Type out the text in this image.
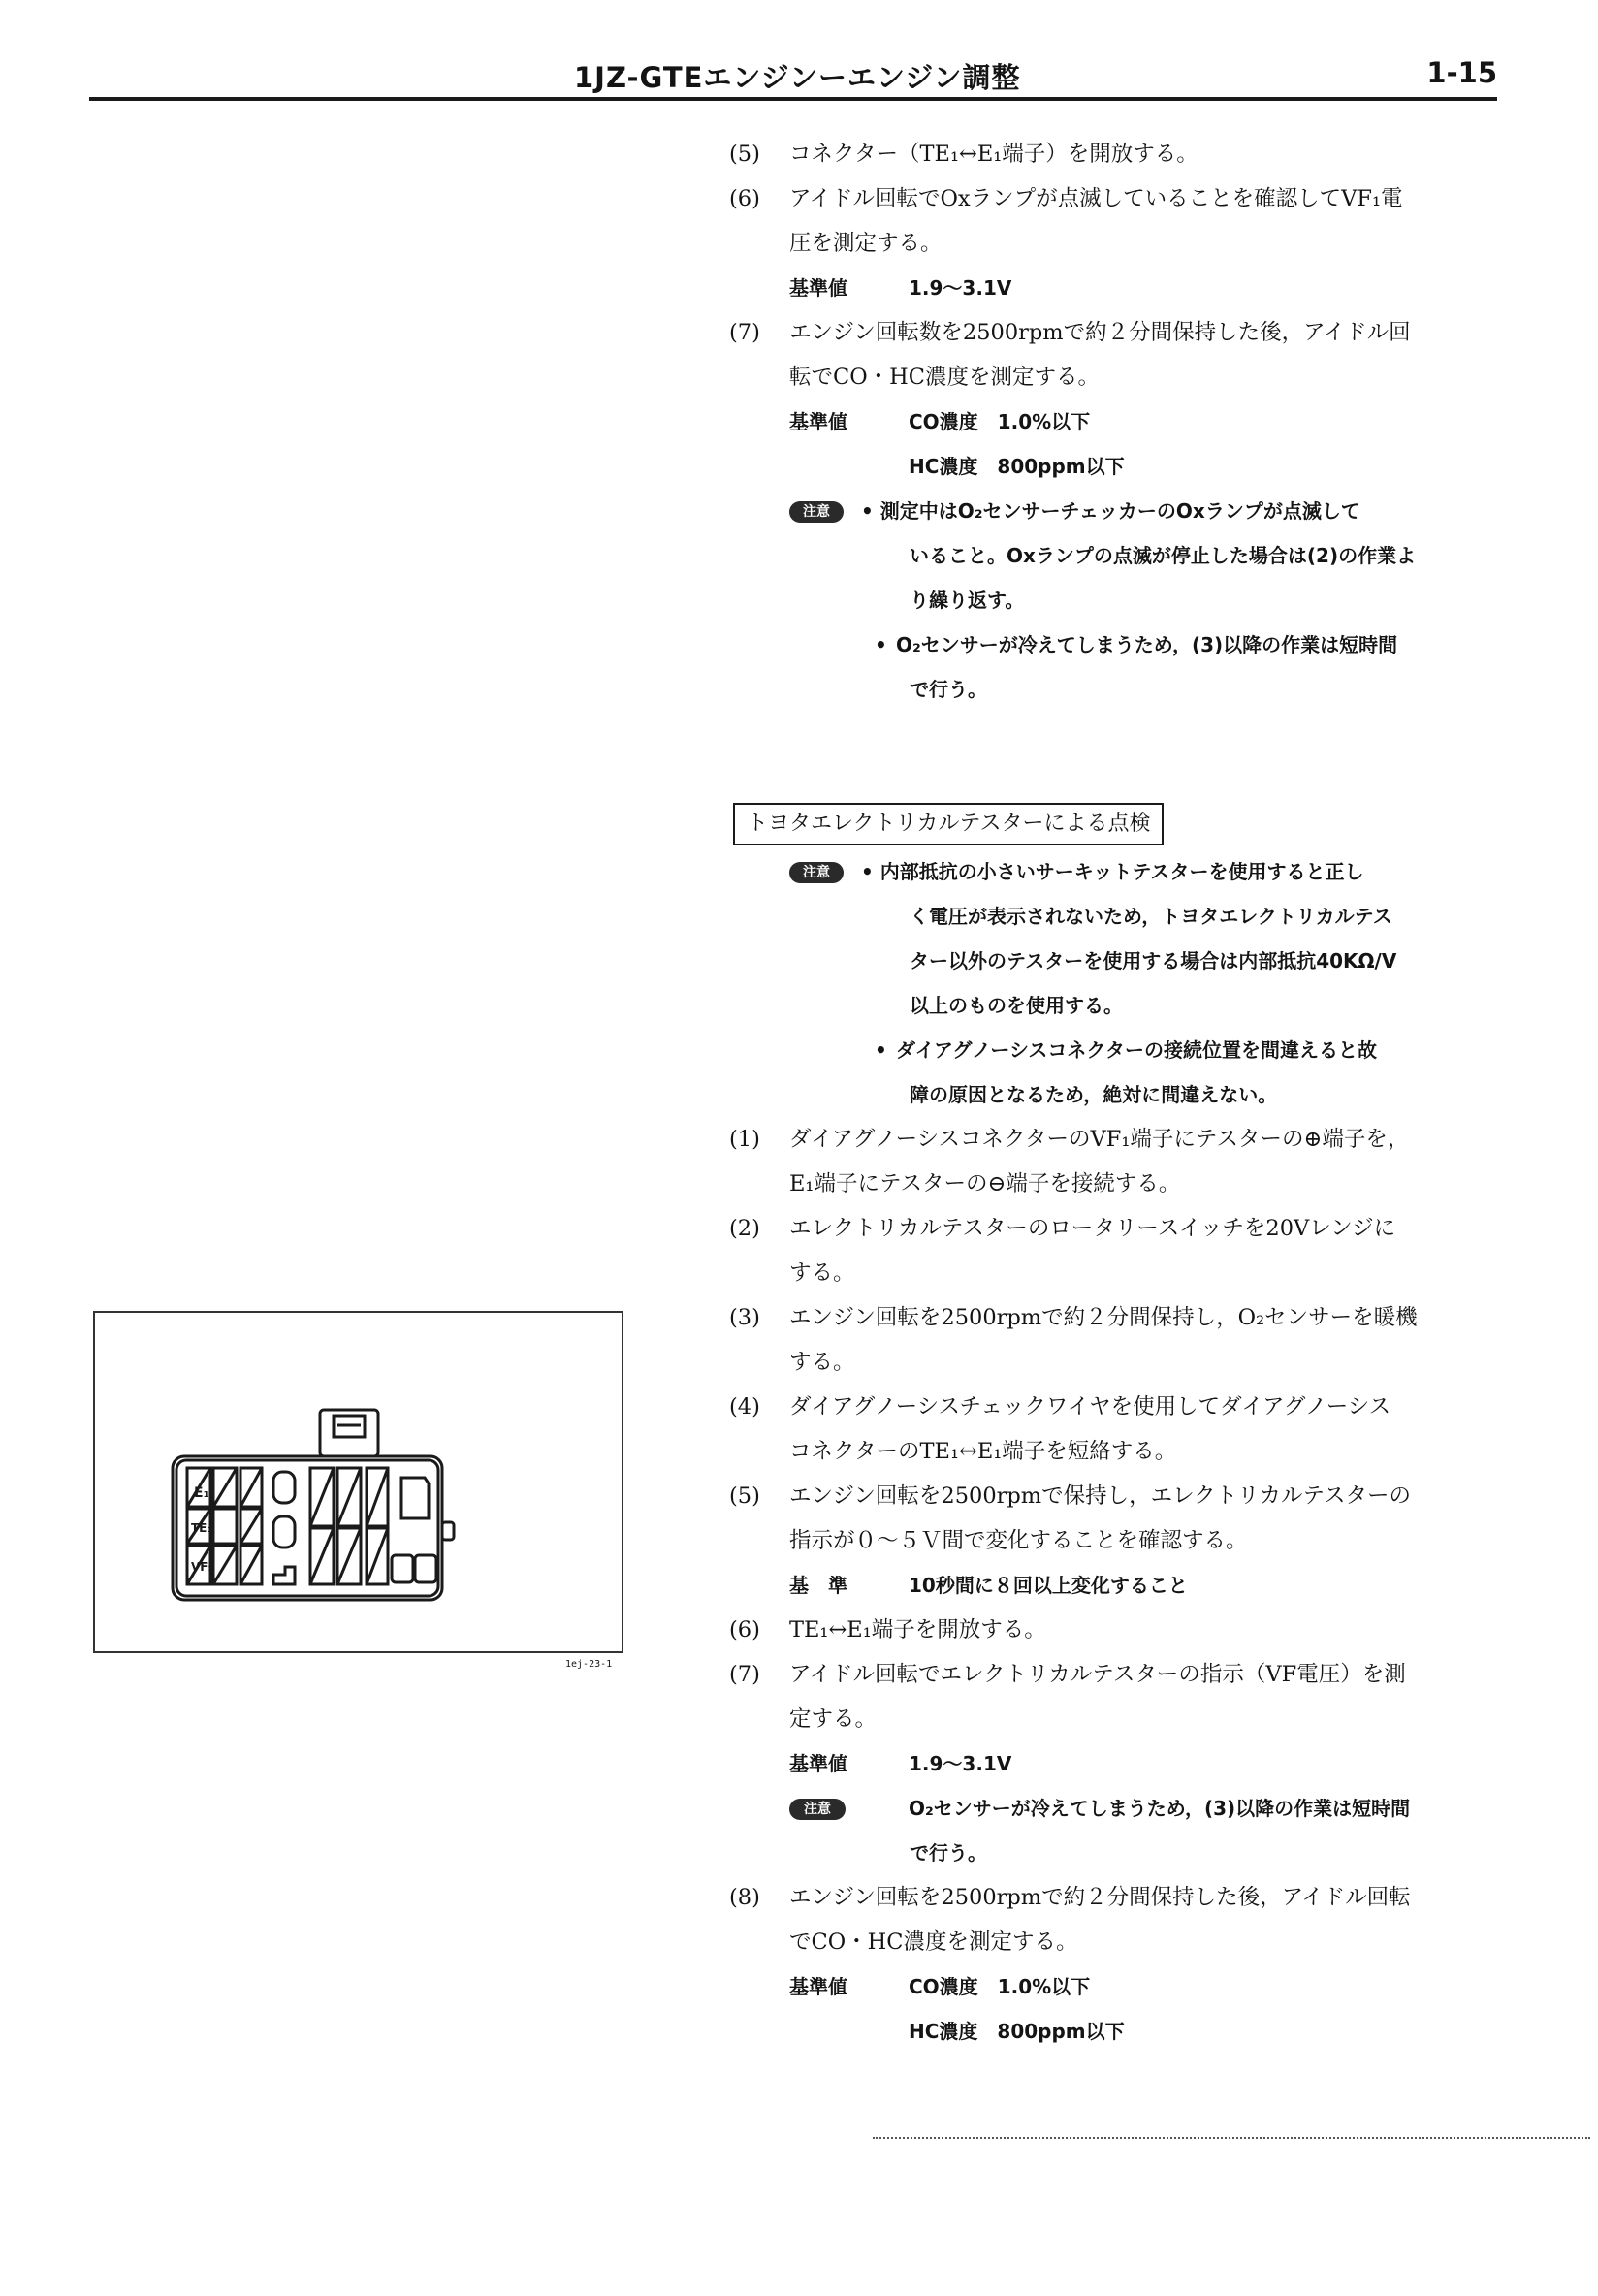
1JZ-GTEエンジンーエンジン調整	1-15
(5) コネクター（TE₁↔E₁端子）を開放する。
(6) アイドル回転でOxランプが点滅していることを確認してVF₁電
圧を測定する。
基準値	1.9〜3.1V
(7) エンジン回転数を2500rpmで約２分間保持した後，アイドル回
転でCO・HC濃度を測定する。
基準値	CO濃度　1.0%以下
HC濃度　800ppm以下
注意 • 測定中はO₂センサーチェッカーのOxランプが点滅して
いること。Oxランプの点滅が停止した場合は(2)の作業よ
り繰り返す。
• O₂センサーが冷えてしまうため，(3)以降の作業は短時間
で行う。
トヨタエレクトリカルテスターによる点検
注意 • 内部抵抗の小さいサーキットテスターを使用すると正し
く電圧が表示されないため，トヨタエレクトリカルテス
ター以外のテスターを使用する場合は内部抵抗40KΩ/V
以上のものを使用する。
• ダイアグノーシスコネクターの接続位置を間違えると故
障の原因となるため，絶対に間違えない。
(1) ダイアグノーシスコネクターのVF₁端子にテスターの⊕端子を，
E₁端子にテスターの⊖端子を接続する。
(2) エレクトリカルテスターのロータリースイッチを20Vレンジに
する。
(3) エンジン回転を2500rpmで約２分間保持し，O₂センサーを暖機
する。
(4) ダイアグノーシスチェックワイヤを使用してダイアグノーシス
コネクターのTE₁↔E₁端子を短絡する。
(5) エンジン回転を2500rpmで保持し，エレクトリカルテスターの
指示が０〜５Ｖ間で変化することを確認する。
基　準	10秒間に８回以上変化すること
(6) TE₁↔E₁端子を開放する。
(7) アイドル回転でエレクトリカルテスターの指示（VF電圧）を測
定する。
基準値	1.9〜3.1V
注意	O₂センサーが冷えてしまうため，(3)以降の作業は短時間
で行う。
(8) エンジン回転を2500rpmで約２分間保持した後，アイドル回転
でCO・HC濃度を測定する。
基準値	CO濃度　1.0%以下
HC濃度　800ppm以下
E₁
TE₁
VF₁
1ej-23-1
